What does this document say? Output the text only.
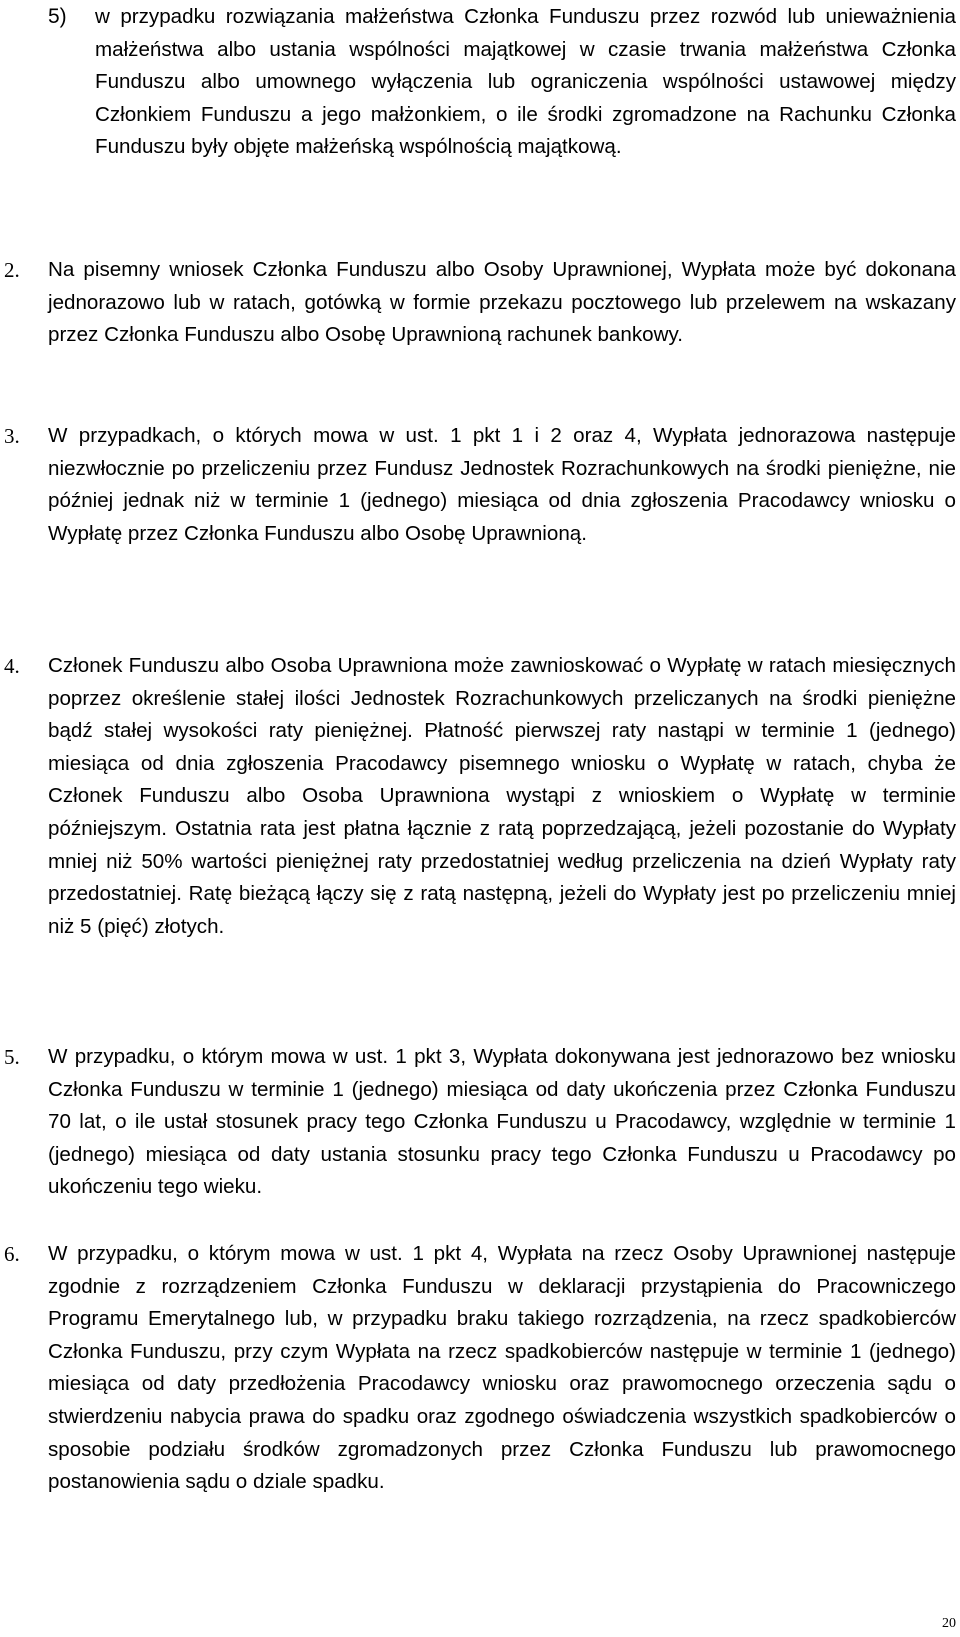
5) w przypadku rozwiązania małżeństwa Członka Funduszu przez rozwód lub unieważnienia małżeństwa albo ustania wspólności majątkowej w czasie trwania małżeństwa Członka Funduszu albo umownego wyłączenia lub ograniczenia wspólności ustawowej między Członkiem Funduszu a jego małżonkiem, o ile środki zgromadzone na Rachunku Członka Funduszu były objęte małżeńską wspólnością majątkową.

2. Na pisemny wniosek Członka Funduszu albo Osoby Uprawnionej, Wypłata może być dokonana jednorazowo lub w ratach, gotówką w formie przekazu pocztowego lub przelewem na wskazany przez Członka Funduszu albo Osobę Uprawnioną rachunek bankowy.

3. W przypadkach, o których mowa w ust. 1 pkt 1 i 2 oraz 4, Wypłata jednorazowa następuje niezwłocznie po przeliczeniu przez Fundusz Jednostek Rozrachunkowych na środki pieniężne, nie później jednak niż w terminie 1 (jednego) miesiąca od dnia zgłoszenia Pracodawcy wniosku o Wypłatę przez Członka Funduszu albo Osobę Uprawnioną.

4. Członek Funduszu albo Osoba Uprawniona może zawnioskować o Wypłatę w ratach miesięcznych poprzez określenie stałej ilości Jednostek Rozrachunkowych przeliczanych na środki pieniężne bądź stałej wysokości raty pieniężnej. Płatność pierwszej raty nastąpi w terminie 1 (jednego) miesiąca od dnia zgłoszenia Pracodawcy pisemnego wniosku o Wypłatę w ratach, chyba że Członek Funduszu albo Osoba Uprawniona wystąpi z wnioskiem o Wypłatę w terminie późniejszym. Ostatnia rata jest płatna łącznie z ratą poprzedzającą, jeżeli pozostanie do Wypłaty mniej niż 50% wartości pieniężnej raty przedostatniej według przeliczenia na dzień Wypłaty raty przedostatniej. Ratę bieżącą łączy się z ratą następną, jeżeli do Wypłaty jest po przeliczeniu mniej niż 5 (pięć) złotych.

5. W przypadku, o którym mowa w ust. 1 pkt 3, Wypłata dokonywana jest jednorazowo bez wniosku Członka Funduszu w terminie 1 (jednego) miesiąca od daty ukończenia przez Członka Funduszu 70 lat, o ile ustał stosunek pracy tego Członka Funduszu u Pracodawcy, względnie w terminie 1 (jednego) miesiąca od daty ustania stosunku pracy tego Członka Funduszu u Pracodawcy po ukończeniu tego wieku.

6. W przypadku, o którym mowa w ust. 1 pkt 4, Wypłata na rzecz Osoby Uprawnionej następuje zgodnie z rozrządzeniem Członka Funduszu w deklaracji przystąpienia do Pracowniczego Programu Emerytalnego lub, w przypadku braku takiego rozrządzenia, na rzecz spadkobierców Członka Funduszu, przy czym Wypłata na rzecz spadkobierców następuje w terminie 1 (jednego) miesiąca od daty przedłożenia Pracodawcy wniosku oraz prawomocnego orzeczenia sądu o stwierdzeniu nabycia prawa do spadku oraz zgodnego oświadczenia wszystkich spadkobierców o sposobie podziału środków zgromadzonych przez Członka Funduszu lub prawomocnego postanowienia sądu o dziale spadku.

20
